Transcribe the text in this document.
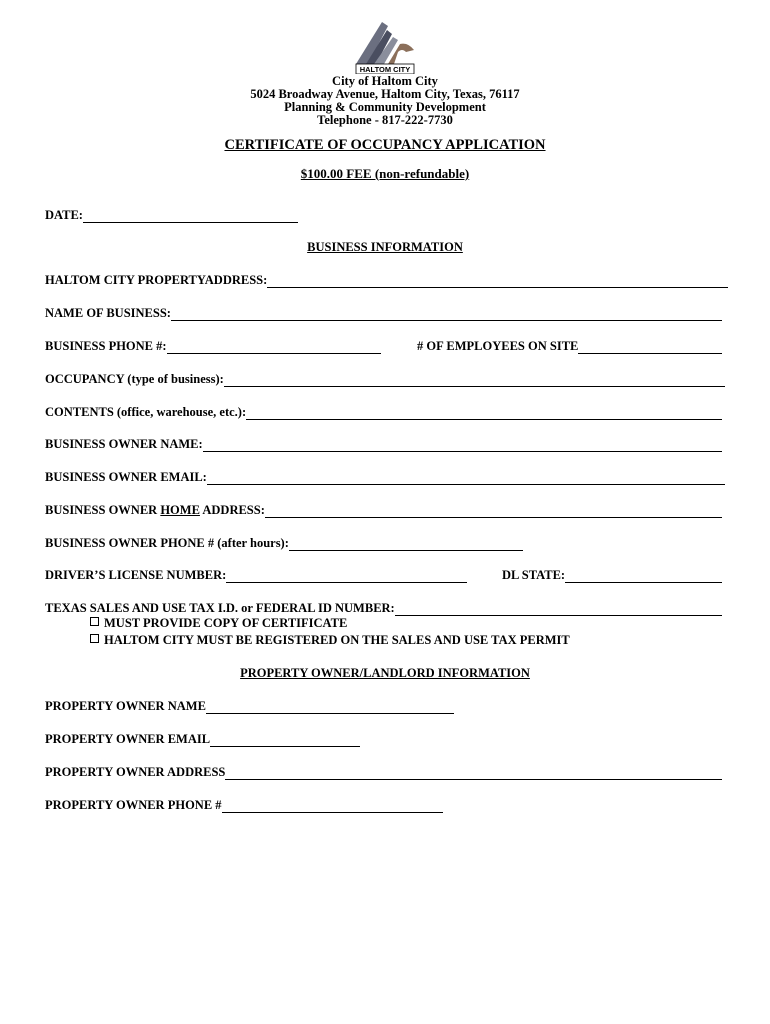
HALTOM CITY
City of Haltom City
5024 Broadway Avenue, Haltom City, Texas, 76117
Planning & Community Development
Telephone - 817-222-7730
CERTIFICATE OF OCCUPANCY APPLICATION
$100.00 FEE (non-refundable)
DATE:
BUSINESS INFORMATION
HALTOM CITY PROPERTYADDRESS:
NAME OF BUSINESS:
BUSINESS PHONE #:	# OF EMPLOYEES ON SITE
OCCUPANCY (type of business):
CONTENTS (office, warehouse, etc.):
BUSINESS OWNER NAME:
BUSINESS OWNER EMAIL:
BUSINESS OWNER HOME ADDRESS:
BUSINESS OWNER PHONE # (after hours):
DRIVER’S LICENSE NUMBER:	DL STATE:
TEXAS SALES AND USE TAX I.D. or FEDERAL ID NUMBER:
MUST PROVIDE COPY OF CERTIFICATE
HALTOM CITY MUST BE REGISTERED ON THE SALES AND USE TAX PERMIT
PROPERTY OWNER/LANDLORD INFORMATION
PROPERTY OWNER NAME
PROPERTY OWNER EMAIL
PROPERTY OWNER ADDRESS
PROPERTY OWNER PHONE #
